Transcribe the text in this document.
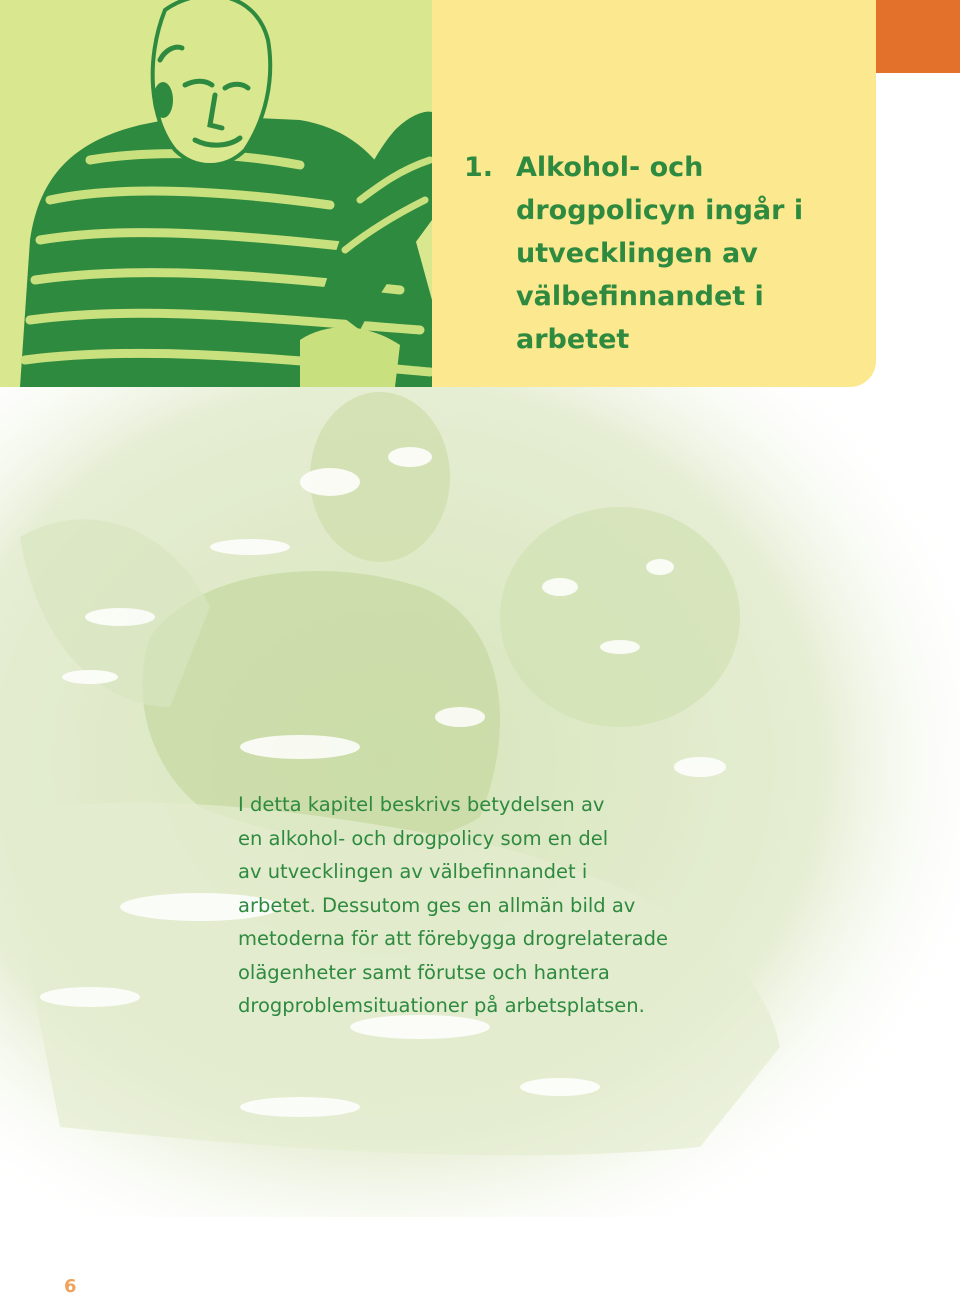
1. Alkohol- och drogpolicyn ingår i utvecklingen av välbefinnandet i arbetet

I detta kapitel beskrivs betydelsen av
en alkohol- och drogpolicy som en del
av utvecklingen av välbefinnandet i
arbetet. Dessutom ges en allmän bild av
metoderna för att förebygga drogrelaterade
olägenheter samt förutse och hantera
drogproblemsituationer på arbetsplatsen.

6
